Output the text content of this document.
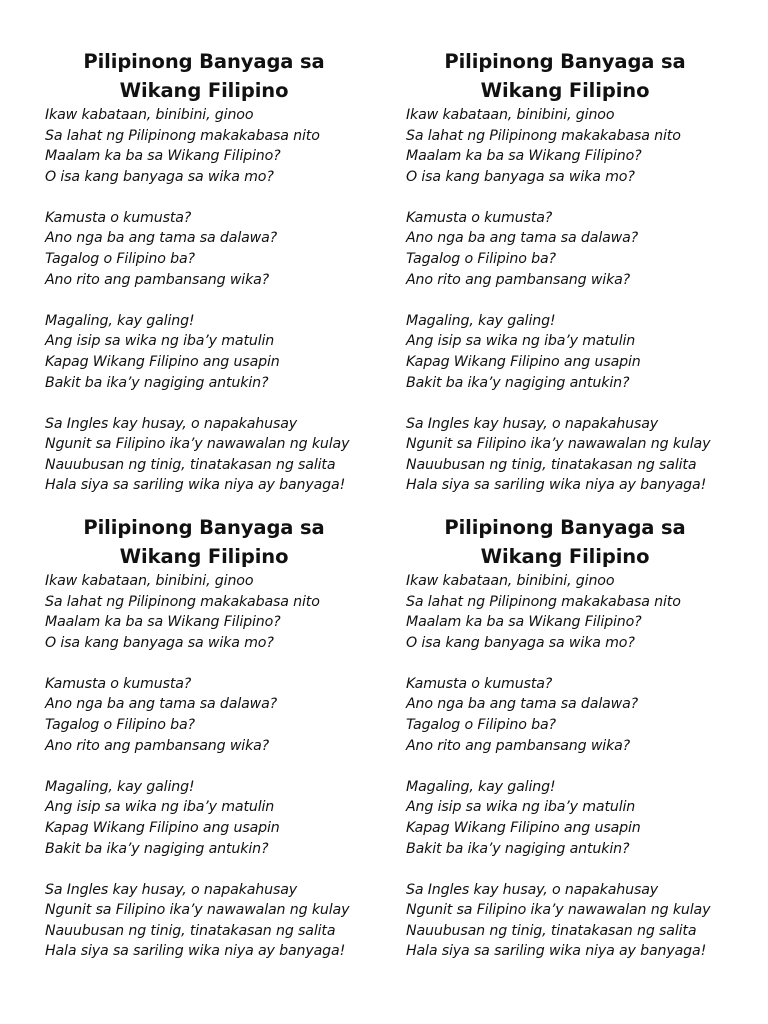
Pilipinong Banyaga sa Wikang Filipino
Ikaw kabataan, binibini, ginoo
Sa lahat ng Pilipinong makakabasa nito
Maalam ka ba sa Wikang Filipino?
O isa kang banyaga sa wika mo?
Kamusta o kumusta?
Ano nga ba ang tama sa dalawa?
Tagalog o Filipino ba?
Ano rito ang pambansang wika?
Magaling, kay galing!
Ang isip sa wika ng iba’y matulin
Kapag Wikang Filipino ang usapin
Bakit ba ika’y nagiging antukin?
Sa Ingles kay husay, o napakahusay
Ngunit sa Filipino ika’y nawawalan ng kulay
Nauubusan ng tinig, tinatakasan ng salita
Hala siya sa sariling wika niya ay banyaga!
Pilipinong Banyaga sa Wikang Filipino
Ikaw kabataan, binibini, ginoo
Sa lahat ng Pilipinong makakabasa nito
Maalam ka ba sa Wikang Filipino?
O isa kang banyaga sa wika mo?
Kamusta o kumusta?
Ano nga ba ang tama sa dalawa?
Tagalog o Filipino ba?
Ano rito ang pambansang wika?
Magaling, kay galing!
Ang isip sa wika ng iba’y matulin
Kapag Wikang Filipino ang usapin
Bakit ba ika’y nagiging antukin?
Sa Ingles kay husay, o napakahusay
Ngunit sa Filipino ika’y nawawalan ng kulay
Nauubusan ng tinig, tinatakasan ng salita
Hala siya sa sariling wika niya ay banyaga!
Pilipinong Banyaga sa Wikang Filipino
Ikaw kabataan, binibini, ginoo
Sa lahat ng Pilipinong makakabasa nito
Maalam ka ba sa Wikang Filipino?
O isa kang banyaga sa wika mo?
Kamusta o kumusta?
Ano nga ba ang tama sa dalawa?
Tagalog o Filipino ba?
Ano rito ang pambansang wika?
Magaling, kay galing!
Ang isip sa wika ng iba’y matulin
Kapag Wikang Filipino ang usapin
Bakit ba ika’y nagiging antukin?
Sa Ingles kay husay, o napakahusay
Ngunit sa Filipino ika’y nawawalan ng kulay
Nauubusan ng tinig, tinatakasan ng salita
Hala siya sa sariling wika niya ay banyaga!
Pilipinong Banyaga sa Wikang Filipino
Ikaw kabataan, binibini, ginoo
Sa lahat ng Pilipinong makakabasa nito
Maalam ka ba sa Wikang Filipino?
O isa kang banyaga sa wika mo?
Kamusta o kumusta?
Ano nga ba ang tama sa dalawa?
Tagalog o Filipino ba?
Ano rito ang pambansang wika?
Magaling, kay galing!
Ang isip sa wika ng iba’y matulin
Kapag Wikang Filipino ang usapin
Bakit ba ika’y nagiging antukin?
Sa Ingles kay husay, o napakahusay
Ngunit sa Filipino ika’y nawawalan ng kulay
Nauubusan ng tinig, tinatakasan ng salita
Hala siya sa sariling wika niya ay banyaga!
